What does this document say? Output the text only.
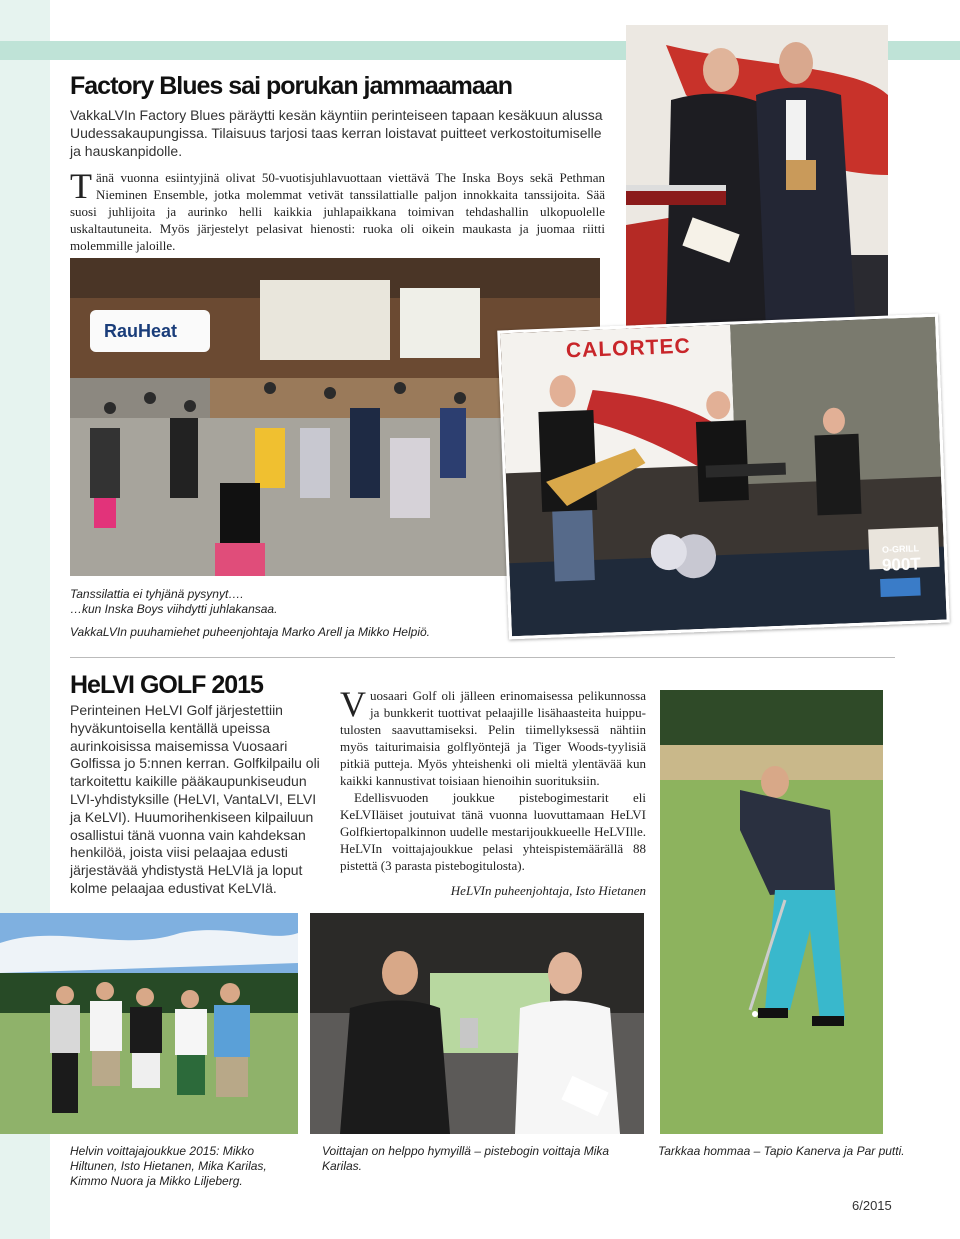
Factory Blues sai porukan jammaamaan

VakkaLVIn Factory Blues päräytti kesän käyntiin perinteiseen tapaan kesäkuun alussa Uudessakaupungissa. Tilaisuus tarjosi taas kerran loistavat puitteet verkostoitumiselle ja hauskanpidolle.

Tänä vuonna esiintyjinä olivat 50-vuotisjuhlavuottaan viettävä The Inska Boys sekä Pethman Nieminen Ensemble, jotka molemmat vetivät tanssilattialle paljon innokkaita tanssijoita. Sää suosi juhlijoita ja aurinko helli kaikkia juhlapaikkana toimivan tehdashallin ulkopuolelle uskaltautuneita. Myös järjestelyt pelasivat hienosti: ruoka oli oikein maukasta ja juomaa riitti molemmille jaloille.

RauHeat
CALORTEC
O-GRILL
900T

Tanssilattia ei tyhjänä pysynyt….

…kun Inska Boys viihdytti juhlakansaa.

VakkaLVIn puuhamiehet puheenjohtaja Marko Arell ja Mikko Helpiö.

HeLVI GOLF 2015

Perinteinen HeLVI Golf järjestettiin hyväkuntoisella kentällä upeissa aurinkoisissa maisemissa Vuosaari Golfissa jo 5:nnen kerran. Golfkilpailu oli tarkoitettu kaikille pääkaupunkiseudun LVI-yhdistyksille (HeLVI, VantaLVI, ELVI ja KeLVI). Huumorihenkiseen kilpailuun osallistui tänä vuonna vain kahdeksan henkilöä, joista viisi pelaajaa edusti järjestävää yhdistystä HeLVIä ja loput kolme pelaajaa edustivat KeLVIä.

Vuosaari Golf oli jälleen erinomaisessa pelikunnossa ja bunkkerit tuottivat pelaajille lisähaasteita huipputulosten saavuttamiseksi. Pelin tiimellyksessä nähtiin myös taiturimaisia golflyöntejä ja Tiger Woods-tyylisiä pitkiä putteja. Myös yhteishenki oli mieltä ylentävää kun kaikki kannustivat toisiaan hienoihin suorituksiin.

Edellisvuoden joukkue pistebogimestarit eli KeLVIläiset joutuivat tänä vuonna luovuttamaan HeLVI Golfkiertopalkinnon uudelle mestarijoukkueelle HeLVIlle. HeLVIn voittajajoukkue pelasi yhteispistemäärällä 88 pistettä (3 parasta pistebogitulosta).

HeLVIn puheenjohtaja, Isto Hietanen

Helvin voittajajoukkue 2015: Mikko Hiltunen, Isto Hietanen, Mika Karilas, Kimmo Nuora ja Mikko Liljeberg.

Voittajan on helppo hymyillä – pistebogin voittaja Mika Karilas.

Tarkkaa hommaa – Tapio Kanerva ja Par putti.

6/2015
